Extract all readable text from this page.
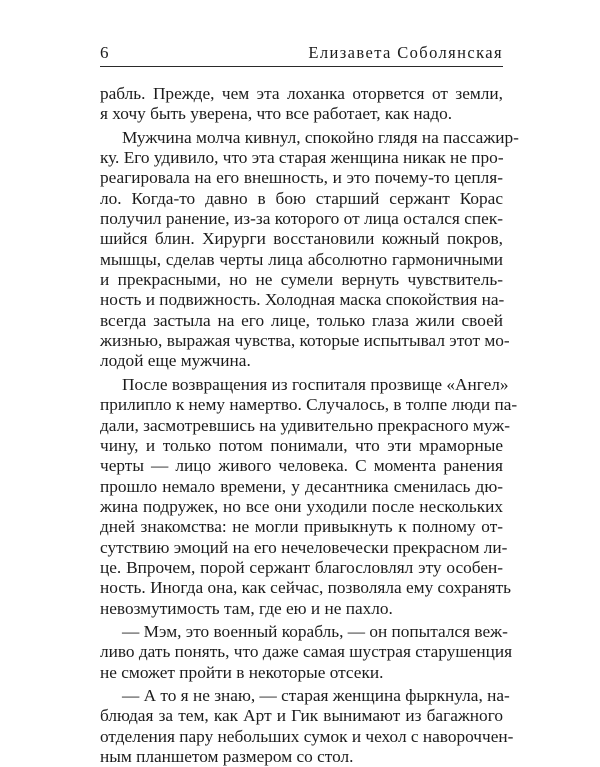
6	Елизавета Соболянская
рабль. Прежде, чем эта лоханка оторвется от земли,
я хочу быть уверена, что все работает, как надо.
Мужчина молча кивнул, спокойно глядя на пассажир-
ку. Его удивило, что эта старая женщина никак не про-
реагировала на его внешность, и это почему-то цепля-
ло. Когда-то давно в бою старший сержант Корас
получил ранение, из-за которого от лица остался спек-
шийся блин. Хирурги восстановили кожный покров,
мышцы, сделав черты лица абсолютно гармоничными
и прекрасными, но не сумели вернуть чувствитель-
ность и подвижность. Холодная маска спокойствия на-
всегда застыла на его лице, только глаза жили своей
жизнью, выражая чувства, которые испытывал этот мо-
лодой еще мужчина.
После возвращения из госпиталя прозвище «Ангел»
прилипло к нему намертво. Случалось, в толпе люди па-
дали, засмотревшись на удивительно прекрасного муж-
чину, и только потом понимали, что эти мраморные
черты — лицо живого человека. С момента ранения
прошло немало времени, у десантника сменилась дю-
жина подружек, но все они уходили после нескольких
дней знакомства: не могли привыкнуть к полному от-
сутствию эмоций на его нечеловечески прекрасном ли-
це. Впрочем, порой сержант благословлял эту особен-
ность. Иногда она, как сейчас, позволяла ему сохранять
невозмутимость там, где ею и не пахло.
— Мэм, это военный корабль, — он попытался веж-
ливо дать понять, что даже самая шустрая старушенция
не сможет пройти в некоторые отсеки.
— А то я не знаю, — старая женщина фыркнула, на-
блюдая за тем, как Арт и Гик вынимают из багажного
отделения пару небольших сумок и чехол с навороччен-
ным планшетом размером со стол.
